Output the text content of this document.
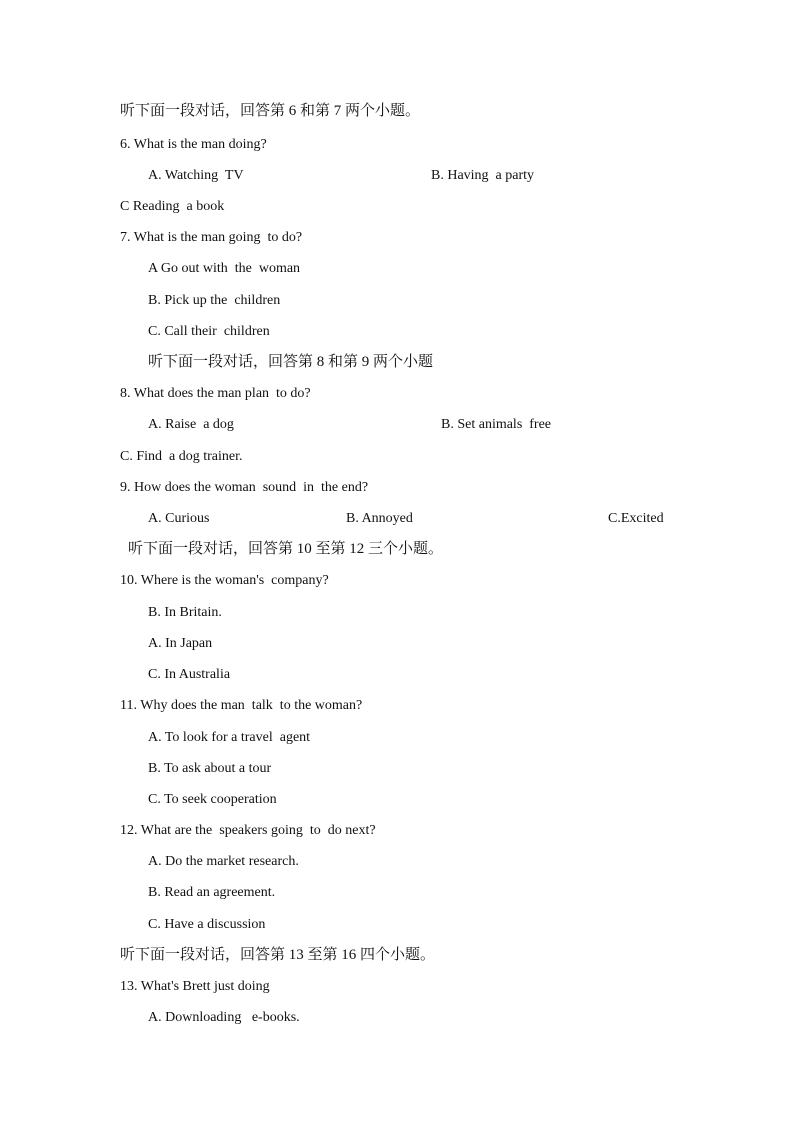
听下面一段对话，回答第 6 和第 7 两个小题。
6. What is the man doing?
A. Watching  TV	B. Having  a party
C Reading  a book
7. What is the man going  to do?
A Go out with  the  woman
B. Pick up the  children
C. Call their  children
听下面一段对话，回答第 8 和第 9 两个小题
8. What does the man plan  to do?
A. Raise  a dog	B. Set animals  free
C. Find  a dog trainer.
9. How does the woman  sound  in  the end?
A. Curious	B. Annoyed	C.Excited
听下面一段对话，回答第 10 至第 12 三个小题。
10. Where is the woman's  company?
B. In Britain.
A. In Japan
C. In Australia
11. Why does the man  talk  to the woman?
A. To look for a travel  agent
B. To ask about a tour
C. To seek cooperation
12. What are the  speakers going  to  do next?
A. Do the market research.
B. Read an agreement.
C. Have a discussion
听下面一段对话，回答第 13 至第 16 四个小题。
13. What's Brett just doing
A. Downloading   e-books.
